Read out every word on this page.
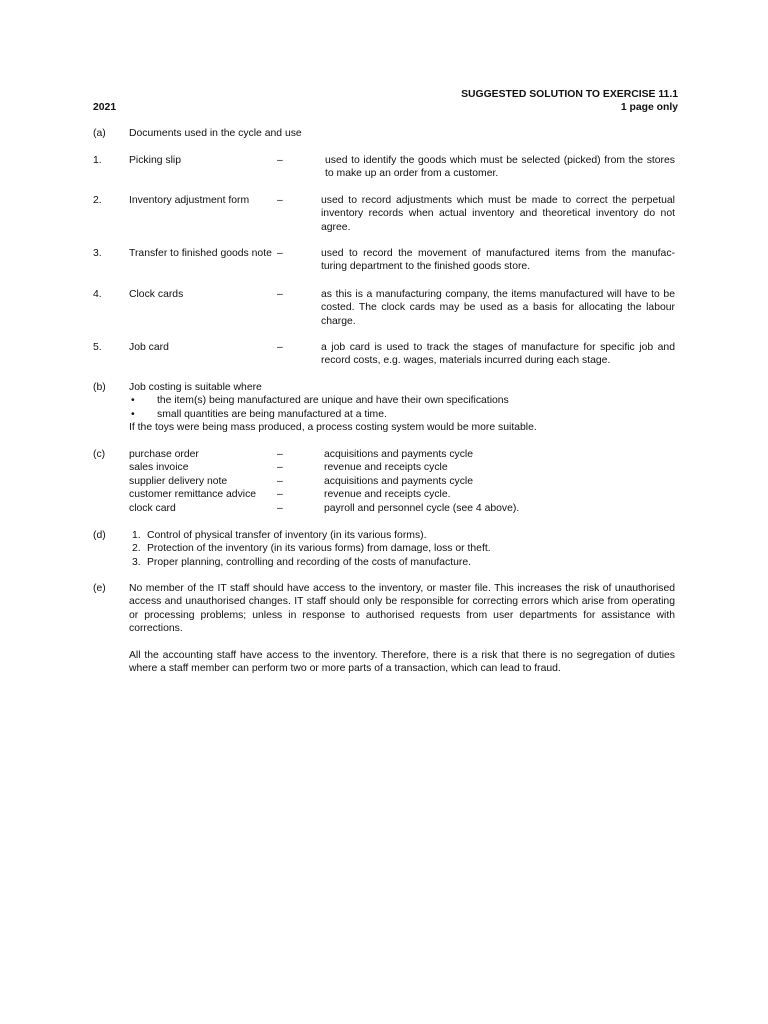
SUGGESTED SOLUTION TO EXERCISE 11.1
2021	1 page only
(a) Documents used in the cycle and use
1.	Picking slip	–	used to identify the goods which must be selected (picked) from the stores to make up an order from a customer.

2.	Inventory adjustment form	–	used to record adjustments which must be made to correct the perpetual inventory records when actual inventory and theoretical inventory do not agree.

3.	Transfer to finished goods note –	used to record the movement of manufactured items from the manufac-turing department to the finished goods store.

4.	Clock cards	–	as this is a manufacturing company, the items manufactured will have to be costed. The clock cards may be used as a basis for allocating the labour charge.

5.	Job card	–	a job card is used to track the stages of manufacture for specific job and record costs, e.g. wages, materials incurred during each stage.

(b) Job costing is suitable where

• the item(s) being manufactured are unique and have their own specifications
• small quantities are being manufactured at a time.

If the toys were being mass produced, a process costing system would be more suitable.

(c) purchase order	–	acquisitions and payments cycle
sales invoice	–	revenue and receipts cycle
supplier delivery note	–	acquisitions and payments cycle
customer remittance advice –	revenue and receipts cycle.
clock card	–	payroll and personnel cycle (see 4 above).
(d)	1. Control of physical transfer of inventory (in its various forms).
2. Protection of the inventory (in its various forms) from damage, loss or theft.
3. Proper planning, controlling and recording of the costs of manufacture.
(e) No member of the IT staff should have access to the inventory, or master file. This increases the risk of unauthorised access and unauthorised changes. IT staff should only be responsible for correcting errors which arise from operating or processing problems; unless in response to authorised requests from user departments for assistance with corrections.

All the accounting staff have access to the inventory. Therefore, there is a risk that there is no segregation of duties where a staff member can perform two or more parts of a transaction, which can lead to fraud.
